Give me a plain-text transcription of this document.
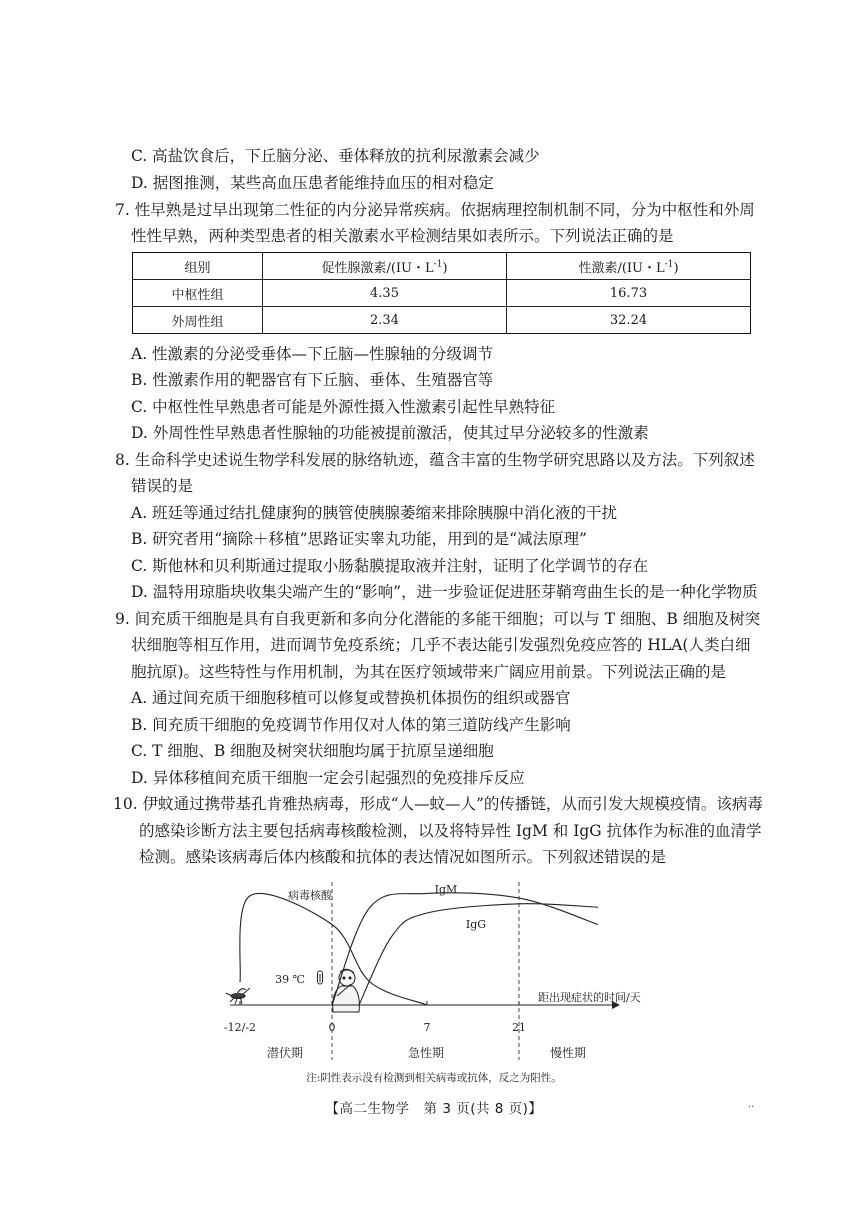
C. 高盐饮食后，下丘脑分泌、垂体释放的抗利尿激素会减少
D. 据图推测，某些高血压患者能维持血压的相对稳定
7. 性早熟是过早出现第二性征的内分泌异常疾病。依据病理控制机制不同，分为中枢性和外周
性性早熟，两种类型患者的相关激素水平检测结果如表所示。下列说法正确的是
组别	促性腺激素/(IU・$L^{-1}$)	性激素/(IU・$L^{-1}$)
中枢性组	4.35	16.73
外周性组	2.34	32.24
A. 性激素的分泌受垂体—下丘脑—性腺轴的分级调节
B. 性激素作用的靶器官有下丘脑、垂体、生殖器官等
C. 中枢性性早熟患者可能是外源性摄入性激素引起性早熟特征
D. 外周性性早熟患者性腺轴的功能被提前激活，使其过早分泌较多的性激素
8. 生命科学史述说生物学科发展的脉络轨迹，蕴含丰富的生物学研究思路以及方法。下列叙述
错误的是
A. 班廷等通过结扎健康狗的胰管使胰腺萎缩来排除胰腺中消化液的干扰
B. 研究者用“摘除＋移植”思路证实睾丸功能，用到的是“减法原理”
C. 斯他林和贝利斯通过提取小肠黏膜提取液并注射，证明了化学调节的存在
D. 温特用琼脂块收集尖端产生的“影响”，进一步验证促进胚芽鞘弯曲生长的是一种化学物质
9. 间充质干细胞是具有自我更新和多向分化潜能的多能干细胞；可以与 T 细胞、B 细胞及树突
状细胞等相互作用，进而调节免疫系统；几乎不表达能引发强烈免疫应答的 HLA(人类白细
胞抗原)。这些特性与作用机制，为其在医疗领域带来广阔应用前景。下列说法正确的是
A. 通过间充质干细胞移植可以修复或替换机体损伤的组织或器官
B. 间充质干细胞的免疫调节作用仅对人体的第三道防线产生影响
C. T 细胞、B 细胞及树突状细胞均属于抗原呈递细胞
D. 异体移植间充质干细胞一定会引起强烈的免疫排斥反应
10. 伊蚊通过携带基孔肯雅热病毒，形成“人—蚊—人”的传播链，从而引发大规模疫情。该病毒
的感染诊断方法主要包括病毒核酸检测，以及将特异性 IgM 和 IgG 抗体作为标准的血清学
检测。感染该病毒后体内核酸和抗体的表达情况如图所示。下列叙述错误的是
距出现症状的时间/天
-12/-2	0	7	21
病毒核酸	IgM
IgG
潜伏期	急性期	慢性期
39 ℃
注:阴性表示没有检测到相关病毒或抗体，反之为阳性。
【高二生物学　第 3 页(共 8 页)】	··
